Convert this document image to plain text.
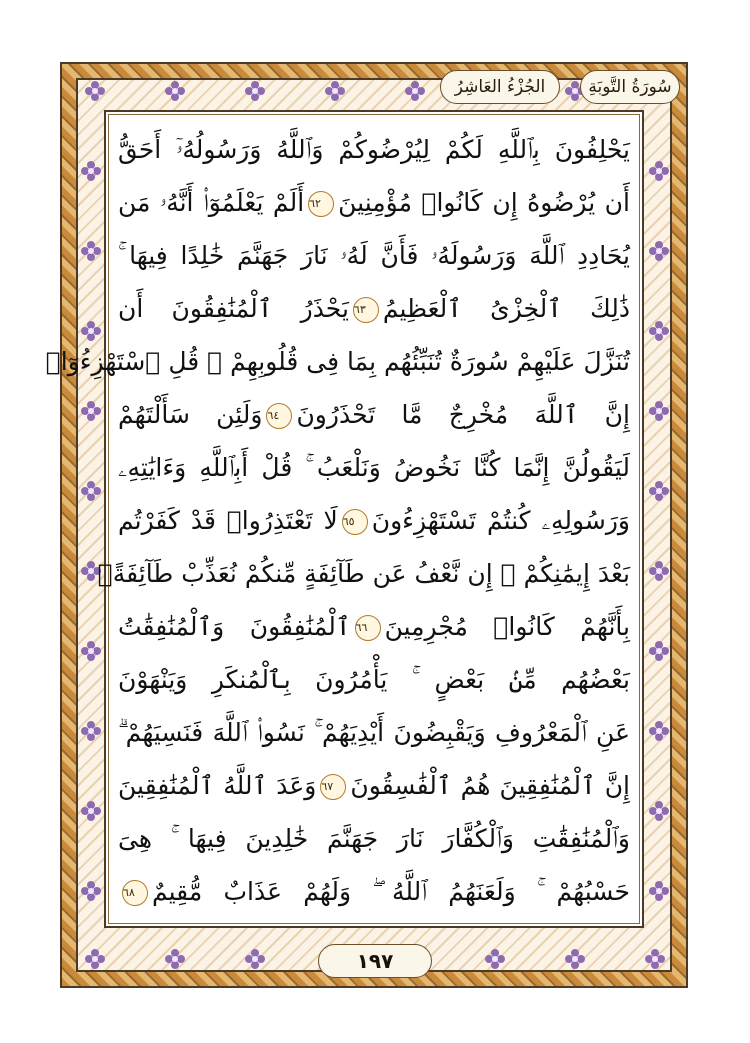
الجُزْءُ العَاشِرُ	سُورَةُ التَّوبَةِ
يَحْلِفُونَ بِٱللَّهِ لَكُمْ لِيُرْضُوكُمْ وَٱللَّهُ وَرَسُولُهُۥٓ أَحَقُّ
أَن يُرْضُوهُ إِن كَانُوا۟ مُؤْمِنِينَ٦٢أَلَمْ يَعْلَمُوٓا۟ أَنَّهُۥ مَن
يُحَادِدِ ٱللَّهَ وَرَسُولَهُۥ فَأَنَّ لَهُۥ نَارَ جَهَنَّمَ خَٰلِدًا فِيهَا ۚ
ذَٰلِكَ ٱلْخِزْىُ ٱلْعَظِيمُ٦٣يَحْذَرُ ٱلْمُنَٰفِقُونَ أَن
تُنَزَّلَ عَلَيْهِمْ سُورَةٌ تُنَبِّئُهُم بِمَا فِى قُلُوبِهِمْ ۚ قُلِ ٱسْتَهْزِءُوٓا۟
إِنَّ ٱللَّهَ مُخْرِجٌ مَّا تَحْذَرُونَ٦٤وَلَئِن سَأَلْتَهُمْ
لَيَقُولُنَّ إِنَّمَا كُنَّا نَخُوضُ وَنَلْعَبُ ۚ قُلْ أَبِٱللَّهِ وَءَايَٰتِهِۦ
وَرَسُولِهِۦ كُنتُمْ تَسْتَهْزِءُونَ٦٥لَا تَعْتَذِرُوا۟ قَدْ كَفَرْتُم
بَعْدَ إِيمَٰنِكُمْ ۚ إِن نَّعْفُ عَن طَآئِفَةٍ مِّنكُمْ نُعَذِّبْ طَآئِفَةًۢ
بِأَنَّهُمْ كَانُوا۟ مُجْرِمِينَ٦٦ٱلْمُنَٰفِقُونَ وَٱلْمُنَٰفِقَٰتُ
بَعْضُهُم مِّنۢ بَعْضٍ ۚ يَأْمُرُونَ بِٱلْمُنكَرِ وَيَنْهَوْنَ
عَنِ ٱلْمَعْرُوفِ وَيَقْبِضُونَ أَيْدِيَهُمْ ۚ نَسُوا۟ ٱللَّهَ فَنَسِيَهُمْ ۗ
إِنَّ ٱلْمُنَٰفِقِينَ هُمُ ٱلْفَٰسِقُونَ٦٧وَعَدَ ٱللَّهُ ٱلْمُنَٰفِقِينَ
وَٱلْمُنَٰفِقَٰتِ وَٱلْكُفَّارَ نَارَ جَهَنَّمَ خَٰلِدِينَ فِيهَا ۚ هِىَ
حَسْبُهُمْ ۚ وَلَعَنَهُمُ ٱللَّهُ ۖ وَلَهُمْ عَذَابٌ مُّقِيمٌ٦٨
١٩٧
